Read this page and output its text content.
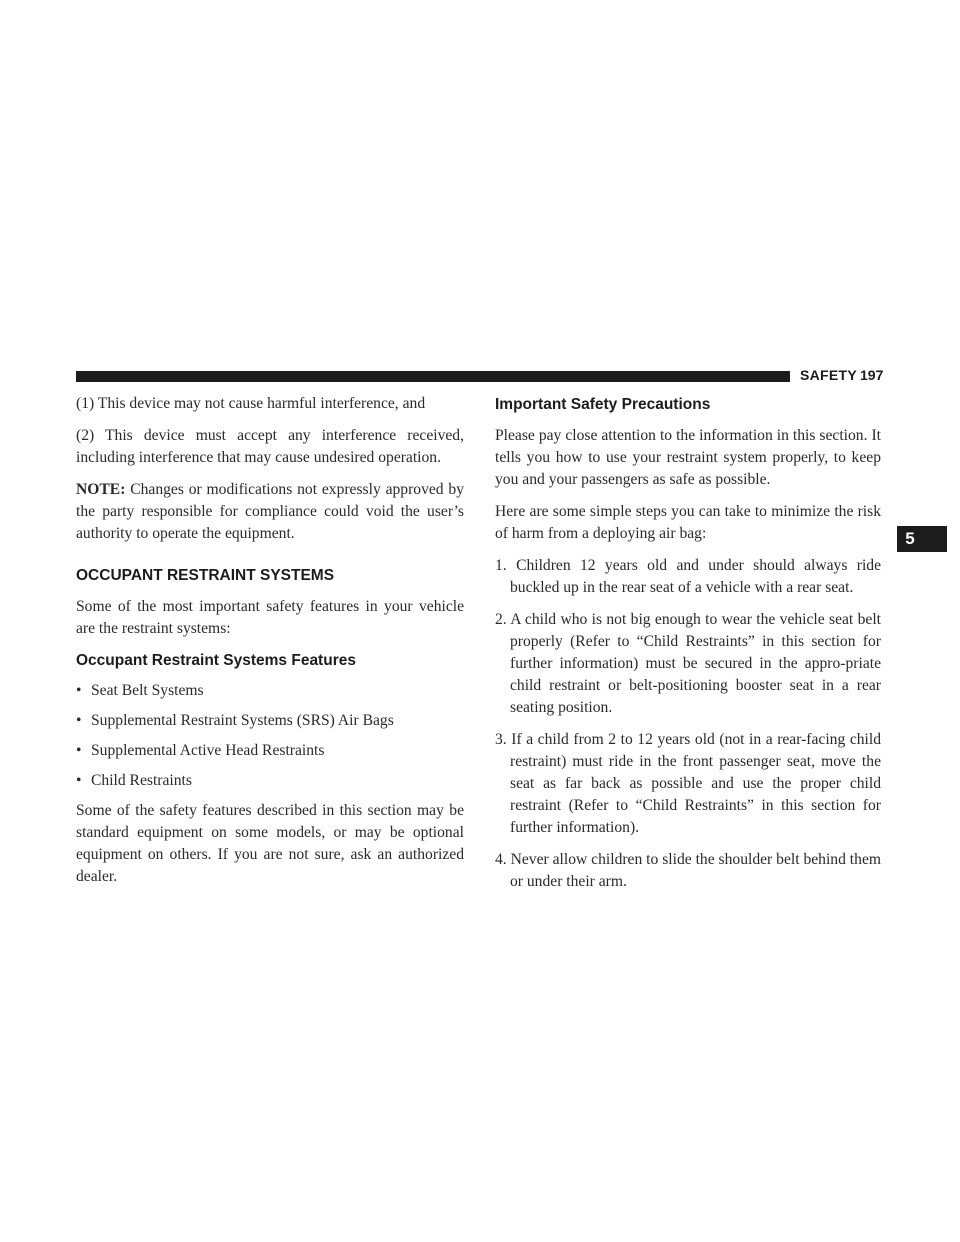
SAFETY 197
5

(1) This device may not cause harmful interference, and

(2) This device must accept any interference received, including interference that may cause undesired operation.

NOTE: Changes or modifications not expressly approved by the party responsible for compliance could void the user’s authority to operate the equipment.

OCCUPANT RESTRAINT SYSTEMS

Some of the most important safety features in your vehicle are the restraint systems:

Occupant Restraint Systems Features
• Seat Belt Systems
• Supplemental Restraint Systems (SRS) Air Bags
• Supplemental Active Head Restraints
• Child Restraints

Some of the safety features described in this section may be standard equipment on some models, or may be optional equipment on others. If you are not sure, ask an authorized dealer.

Important Safety Precautions

Please pay close attention to the information in this section. It tells you how to use your restraint system properly, to keep you and your passengers as safe as possible.

Here are some simple steps you can take to minimize the risk of harm from a deploying air bag:

1. Children 12 years old and under should always ride buckled up in the rear seat of a vehicle with a rear seat.
2. A child who is not big enough to wear the vehicle seat belt properly (Refer to “Child Restraints” in this section for further information) must be secured in the appro-priate child restraint or belt-positioning booster seat in a rear seating position.
3. If a child from 2 to 12 years old (not in a rear-facing child restraint) must ride in the front passenger seat, move the seat as far back as possible and use the proper child restraint (Refer to “Child Restraints” in this section for further information).
4. Never allow children to slide the shoulder belt behind them or under their arm.
